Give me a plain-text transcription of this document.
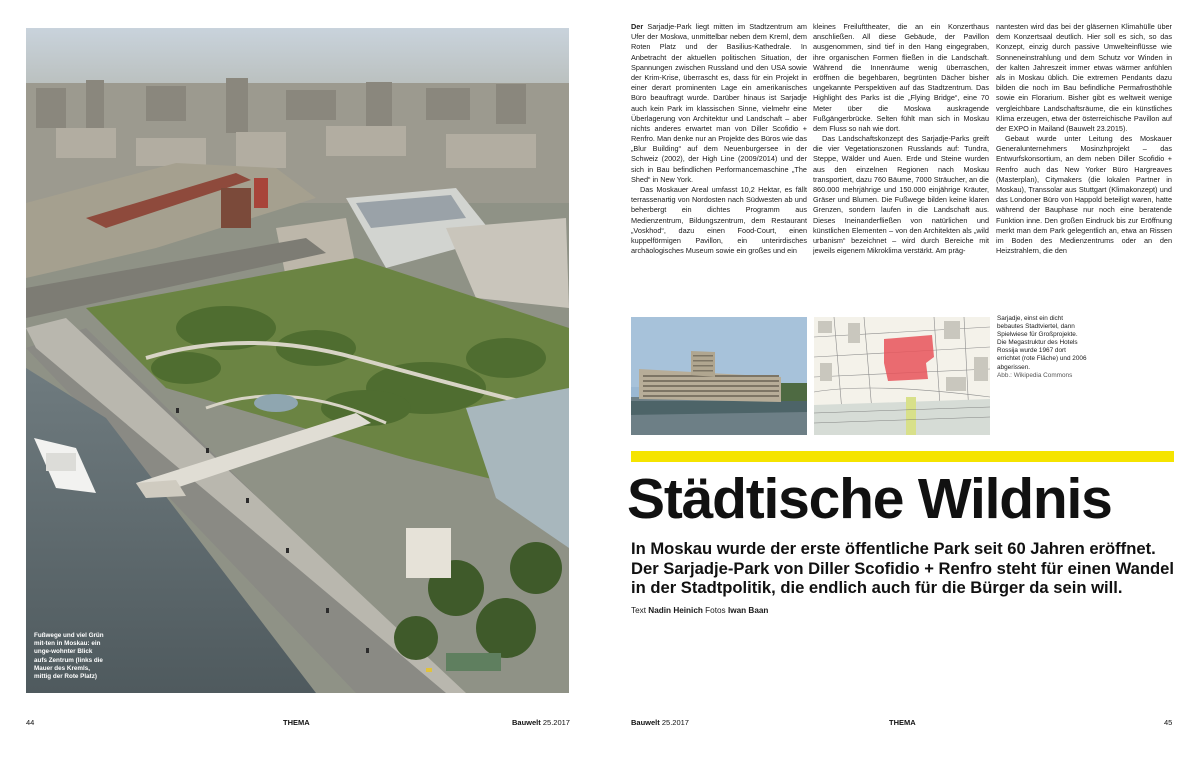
Fußwege und viel Grün mit-ten in Moskau: ein unge-wohnter Blick aufs Zentrum (links die Mauer des Kremls, mittig der Rote Platz)
44	THEMA	Bauwelt 25.2017

Der Sarjadje-Park liegt mitten im Stadtzentrum am Ufer der Moskwa, unmittelbar neben dem Kreml, dem Roten Platz und der Basilius-Kathedrale. In Anbetracht der aktuellen politischen Situation, der Spannungen zwischen Russland und den USA sowie der Krim-Krise, überrascht es, dass für ein Projekt in einer derart prominenten Lage ein amerikanisches Büro beauftragt wurde. Darüber hinaus ist Sarjadje auch kein Park im klassischen Sinne, vielmehr eine Überlagerung von Architektur und Landschaft – aber nichts anderes erwartet man von Diller Scofidio + Renfro. Man denke nur an Projekte des Büros wie das „Blur Building“ auf dem Neuenburgersee in der Schweiz (2002), der High Line (2009/2014) und der sich in Bau befindlichen Performancemaschine „The Shed“ in New York.

Das Moskauer Areal umfasst 10,2 Hektar, es fällt terrassenartig von Nordosten nach Südwesten ab und beherbergt ein dichtes Programm aus Medienzentrum, Bildungszentrum, dem Restaurant „Voskhod“, dazu einen Food-Court, einen kuppelförmigen Pavillon, ein unterirdisches archäologisches Museum sowie ein großes und ein

kleines Freilufttheater, die an ein Konzerthaus anschließen. All diese Gebäude, der Pavillon ausgenommen, sind tief in den Hang eingegraben, ihre organischen Formen fließen in die Landschaft. Während die Innenräume wenig überraschen, eröffnen die begehbaren, begrünten Dächer bisher ungekannte Perspektiven auf das Stadtzentrum. Das Highlight des Parks ist die „Flying Bridge“, eine 70 Meter über die Moskwa auskragende Fußgängerbrücke. Selten fühlt man sich in Moskau dem Fluss so nah wie dort.

Das Landschaftskonzept des Sarjadje-Parks greift die vier Vegetationszonen Russlands auf: Tundra, Steppe, Wälder und Auen. Erde und Steine wurden aus den einzelnen Regionen nach Moskau transportiert, dazu 760 Bäume, 7000 Sträucher, an die 860.000 mehrjährige und 150.000 einjährige Kräuter, Gräser und Blumen. Die Fußwege bilden keine klaren Grenzen, sondern laufen in die Landschaft aus. Dieses Ineinanderfließen von natürlichen und künstlichen Elementen – von den Architekten als „wild urbanism“ bezeichnet – wird durch Bereiche mit jeweils eigenem Mikroklima verstärkt. Am präg-

nantesten wird das bei der gläsernen Klimahülle über dem Konzertsaal deutlich. Hier soll es sich, so das Konzept, einzig durch passive Umwelteinflüsse wie Sonneneinstrahlung und dem Schutz vor Winden in der kalten Jahreszeit immer etwas wärmer anfühlen als in Moskau üblich. Die extremen Pendants dazu bilden die noch im Bau befindliche Permafrosthöhle sowie ein Florarium. Bisher gibt es weltweit wenige vergleichbare Landschaftsräume, die ein künstliches Klima erzeugen, etwa der österreichische Pavillon auf der EXPO in Mailand (Bauwelt 23.2015).

Gebaut wurde unter Leitung des Moskauer Generalunternehmers Mosinzhprojekt – das Entwurfskonsortium, an dem neben Diller Scofidio + Renfro auch das New Yorker Büro Hargreaves (Masterplan), Citymakers (die lokalen Partner in Moskau), Transsolar aus Stuttgart (Klimakonzept) und das Londoner Büro von Happold beteiligt waren, hatte während der Bauphase nur noch eine beratende Funktion inne. Den großen Eindruck bis zur Eröffnung merkt man dem Park gelegentlich an, etwa an Rissen im Boden des Medienzentrums oder an den Heizstrahlern, die den

Sarjadje, einst ein dicht bebautes Stadtviertel, dann Spielwiese für Großprojekte. Die Megastruktur des Hotels Rossija wurde 1967 dort errichtet (rote Fläche) und 2006 abgerissen.
Abb.: Wikipedia Commons
Städtische Wildnis

In Moskau wurde der erste öffentliche Park seit 60 Jahren eröffnet. Der Sarjadje-Park von Diller Scofidio + Renfro steht für einen Wandel in der Stadtpolitik, die endlich auch für die Bürger da sein will.

Text Nadin Heinich Fotos Iwan Baan
Bauwelt 25.2017	THEMA	45
